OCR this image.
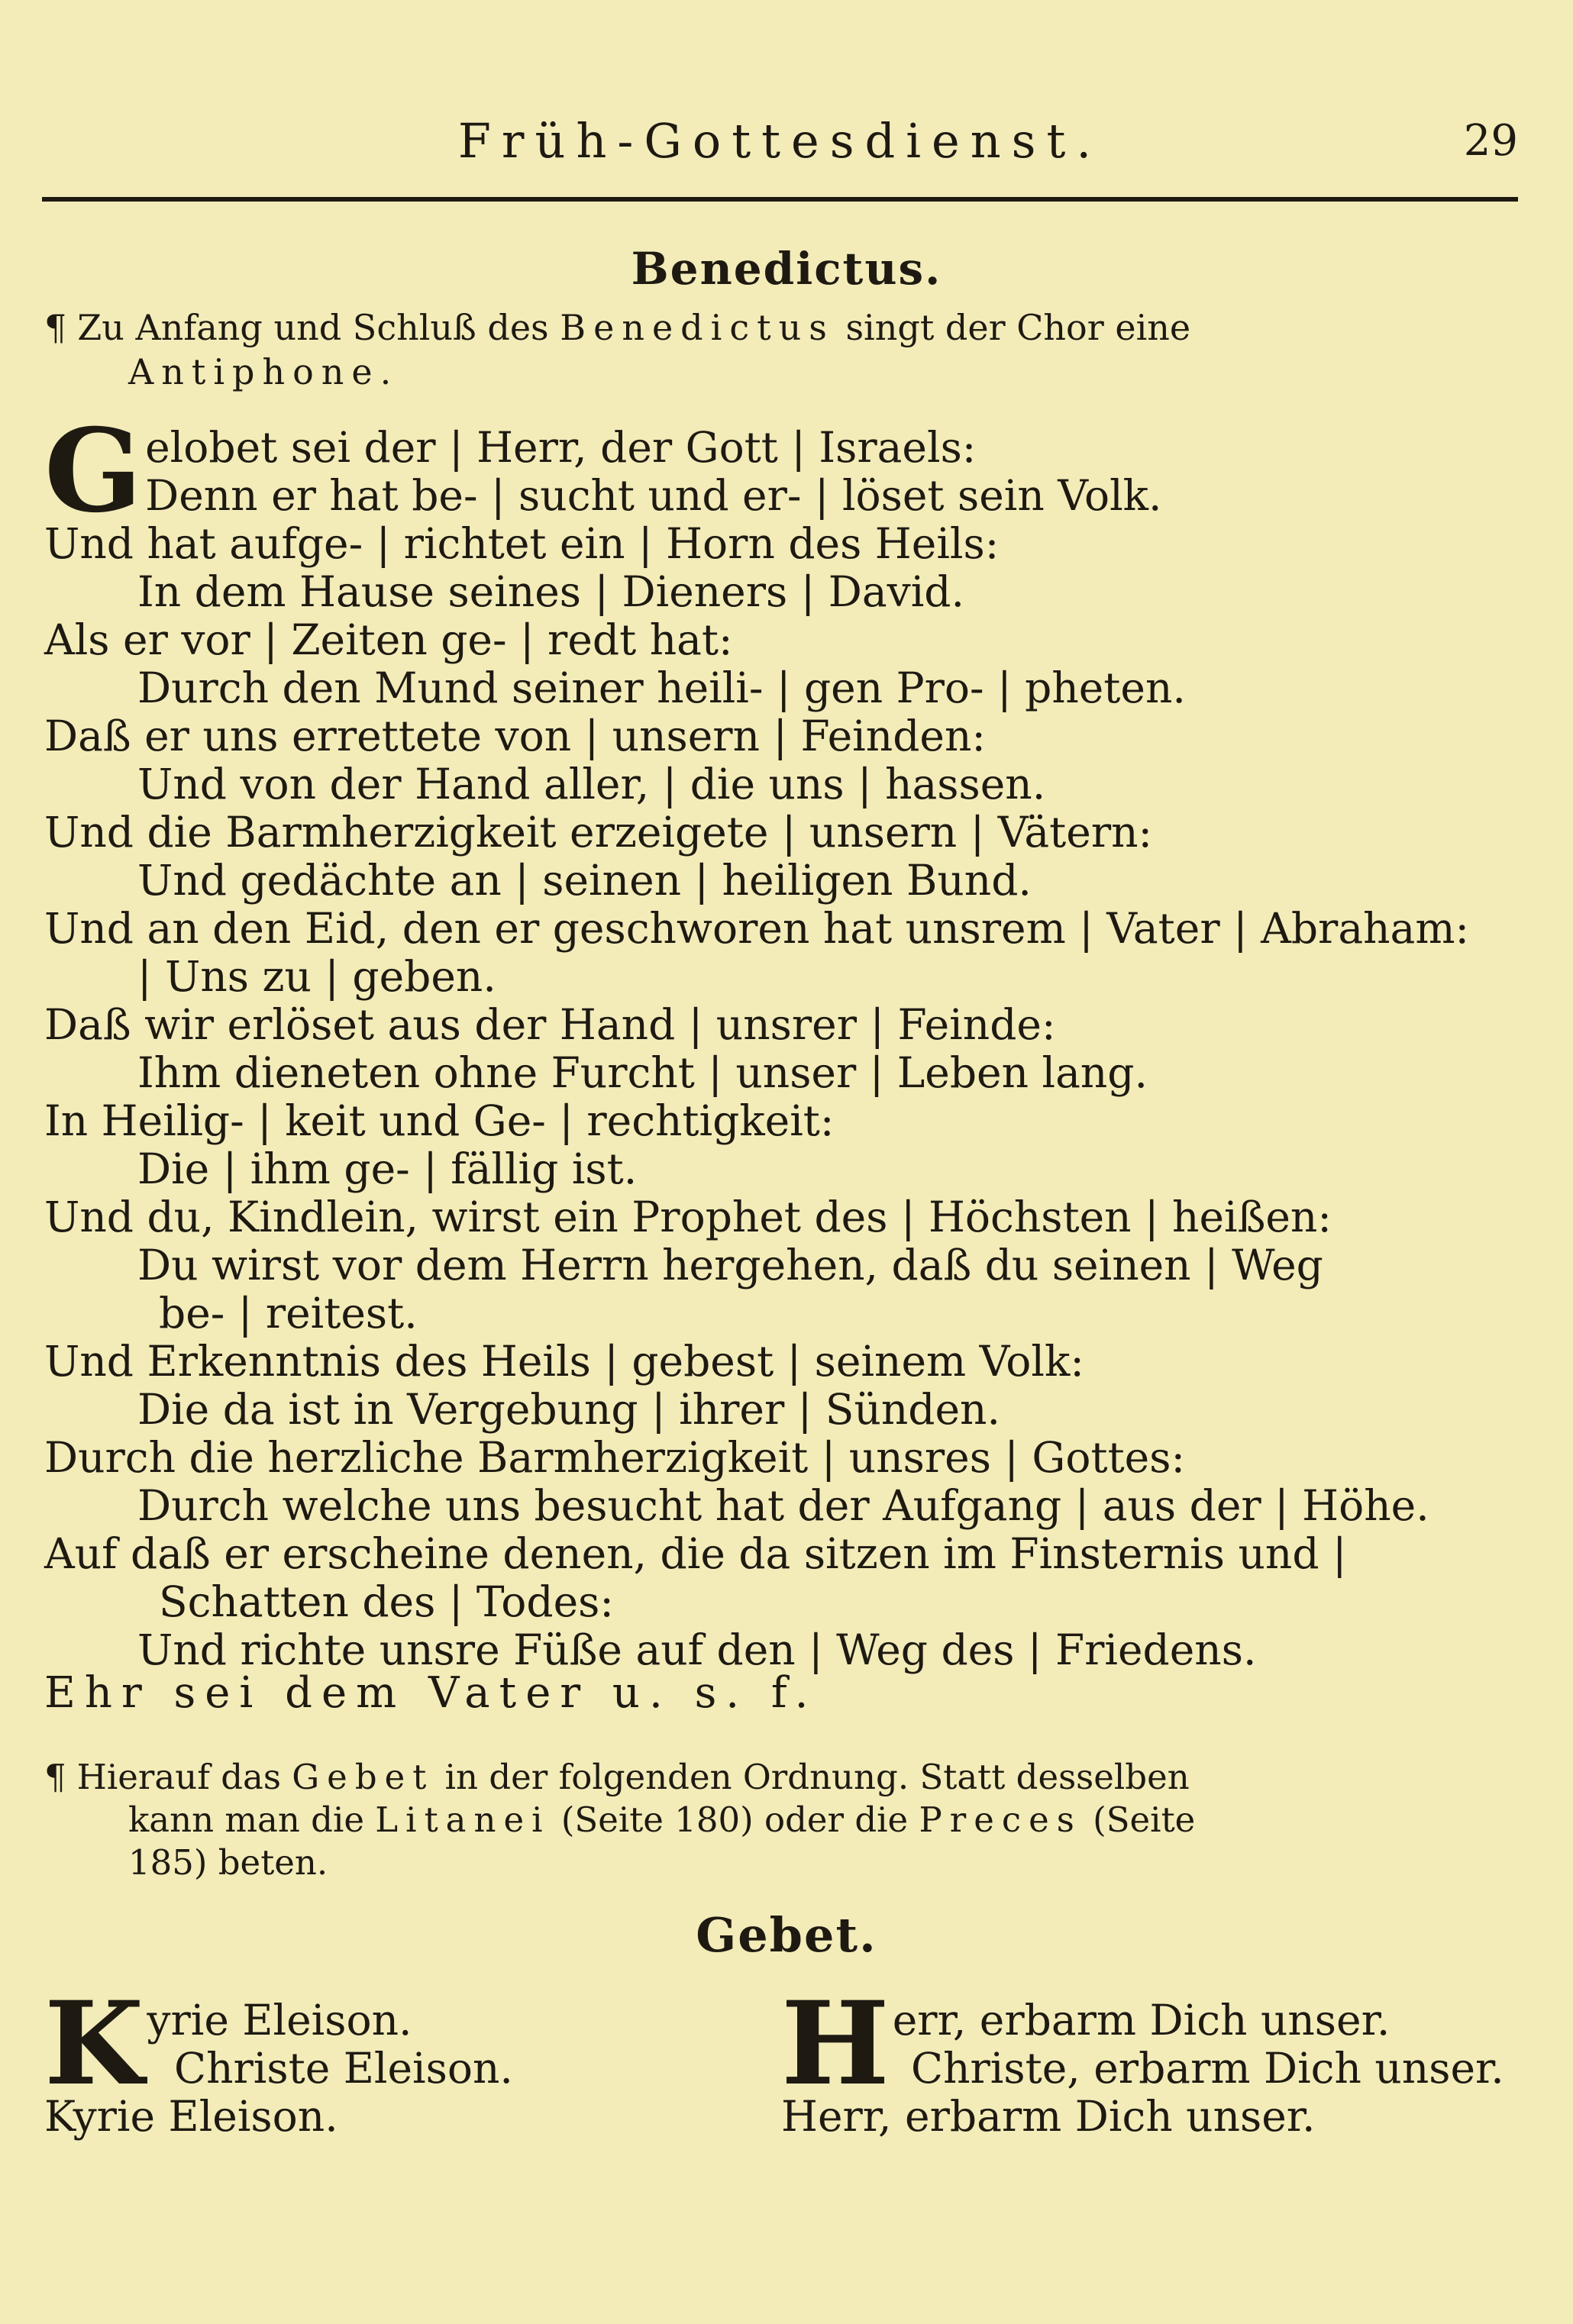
Früh-Gottesdienst.	29
Benedictus.
¶ Zu Anfang und Schluß des Benedictus singt der Chor eine
Antiphone.
Gelobet sei der | Herr, der Gott | Israels:
Denn er hat be- | sucht und er- | löset sein Volk.
Und hat aufge- | richtet ein | Horn des Heils:
In dem Hause seines | Dieners | David.
Als er vor | Zeiten ge- | redt hat:
Durch den Mund seiner heili- | gen Pro- | pheten.
Daß er uns errettete von | unsern | Feinden:
Und von der Hand aller, | die uns | hassen.
Und die Barmherzigkeit erzeigete | unsern | Vätern:
Und gedächte an | seinen | heiligen Bund.
Und an den Eid, den er geschworen hat unsrem | Vater | Abraham:
| Uns zu | geben.
Daß wir erlöset aus der Hand | unsrer | Feinde:
Ihm dieneten ohne Furcht | unser | Leben lang.
In Heilig- | keit und Ge- | rechtigkeit:
Die | ihm ge- | fällig ist.
Und du, Kindlein, wirst ein Prophet des | Höchsten | heißen:
Du wirst vor dem Herrn hergehen, daß du seinen | Weg
be- | reitest.
Und Erkenntnis des Heils | gebest | seinem Volk:
Die da ist in Vergebung | ihrer | Sünden.
Durch die herzliche Barmherzigkeit | unsres | Gottes:
Durch welche uns besucht hat der Aufgang | aus der | Höhe.
Auf daß er erscheine denen, die da sitzen im Finsternis und |
Schatten des | Todes:
Und richte unsre Füße auf den | Weg des | Friedens.
Ehr sei dem Vater u. s. f.
¶ Hierauf das Gebet in der folgenden Ordnung. Statt desselben
kann man die Litanei (Seite 180) oder die Preces (Seite
185) beten.
Gebet.
Kyrie Eleison.
Christe Eleison.
Kyrie Eleison.
Herr, erbarm Dich unser.
Christe, erbarm Dich unser.
Herr, erbarm Dich unser.
